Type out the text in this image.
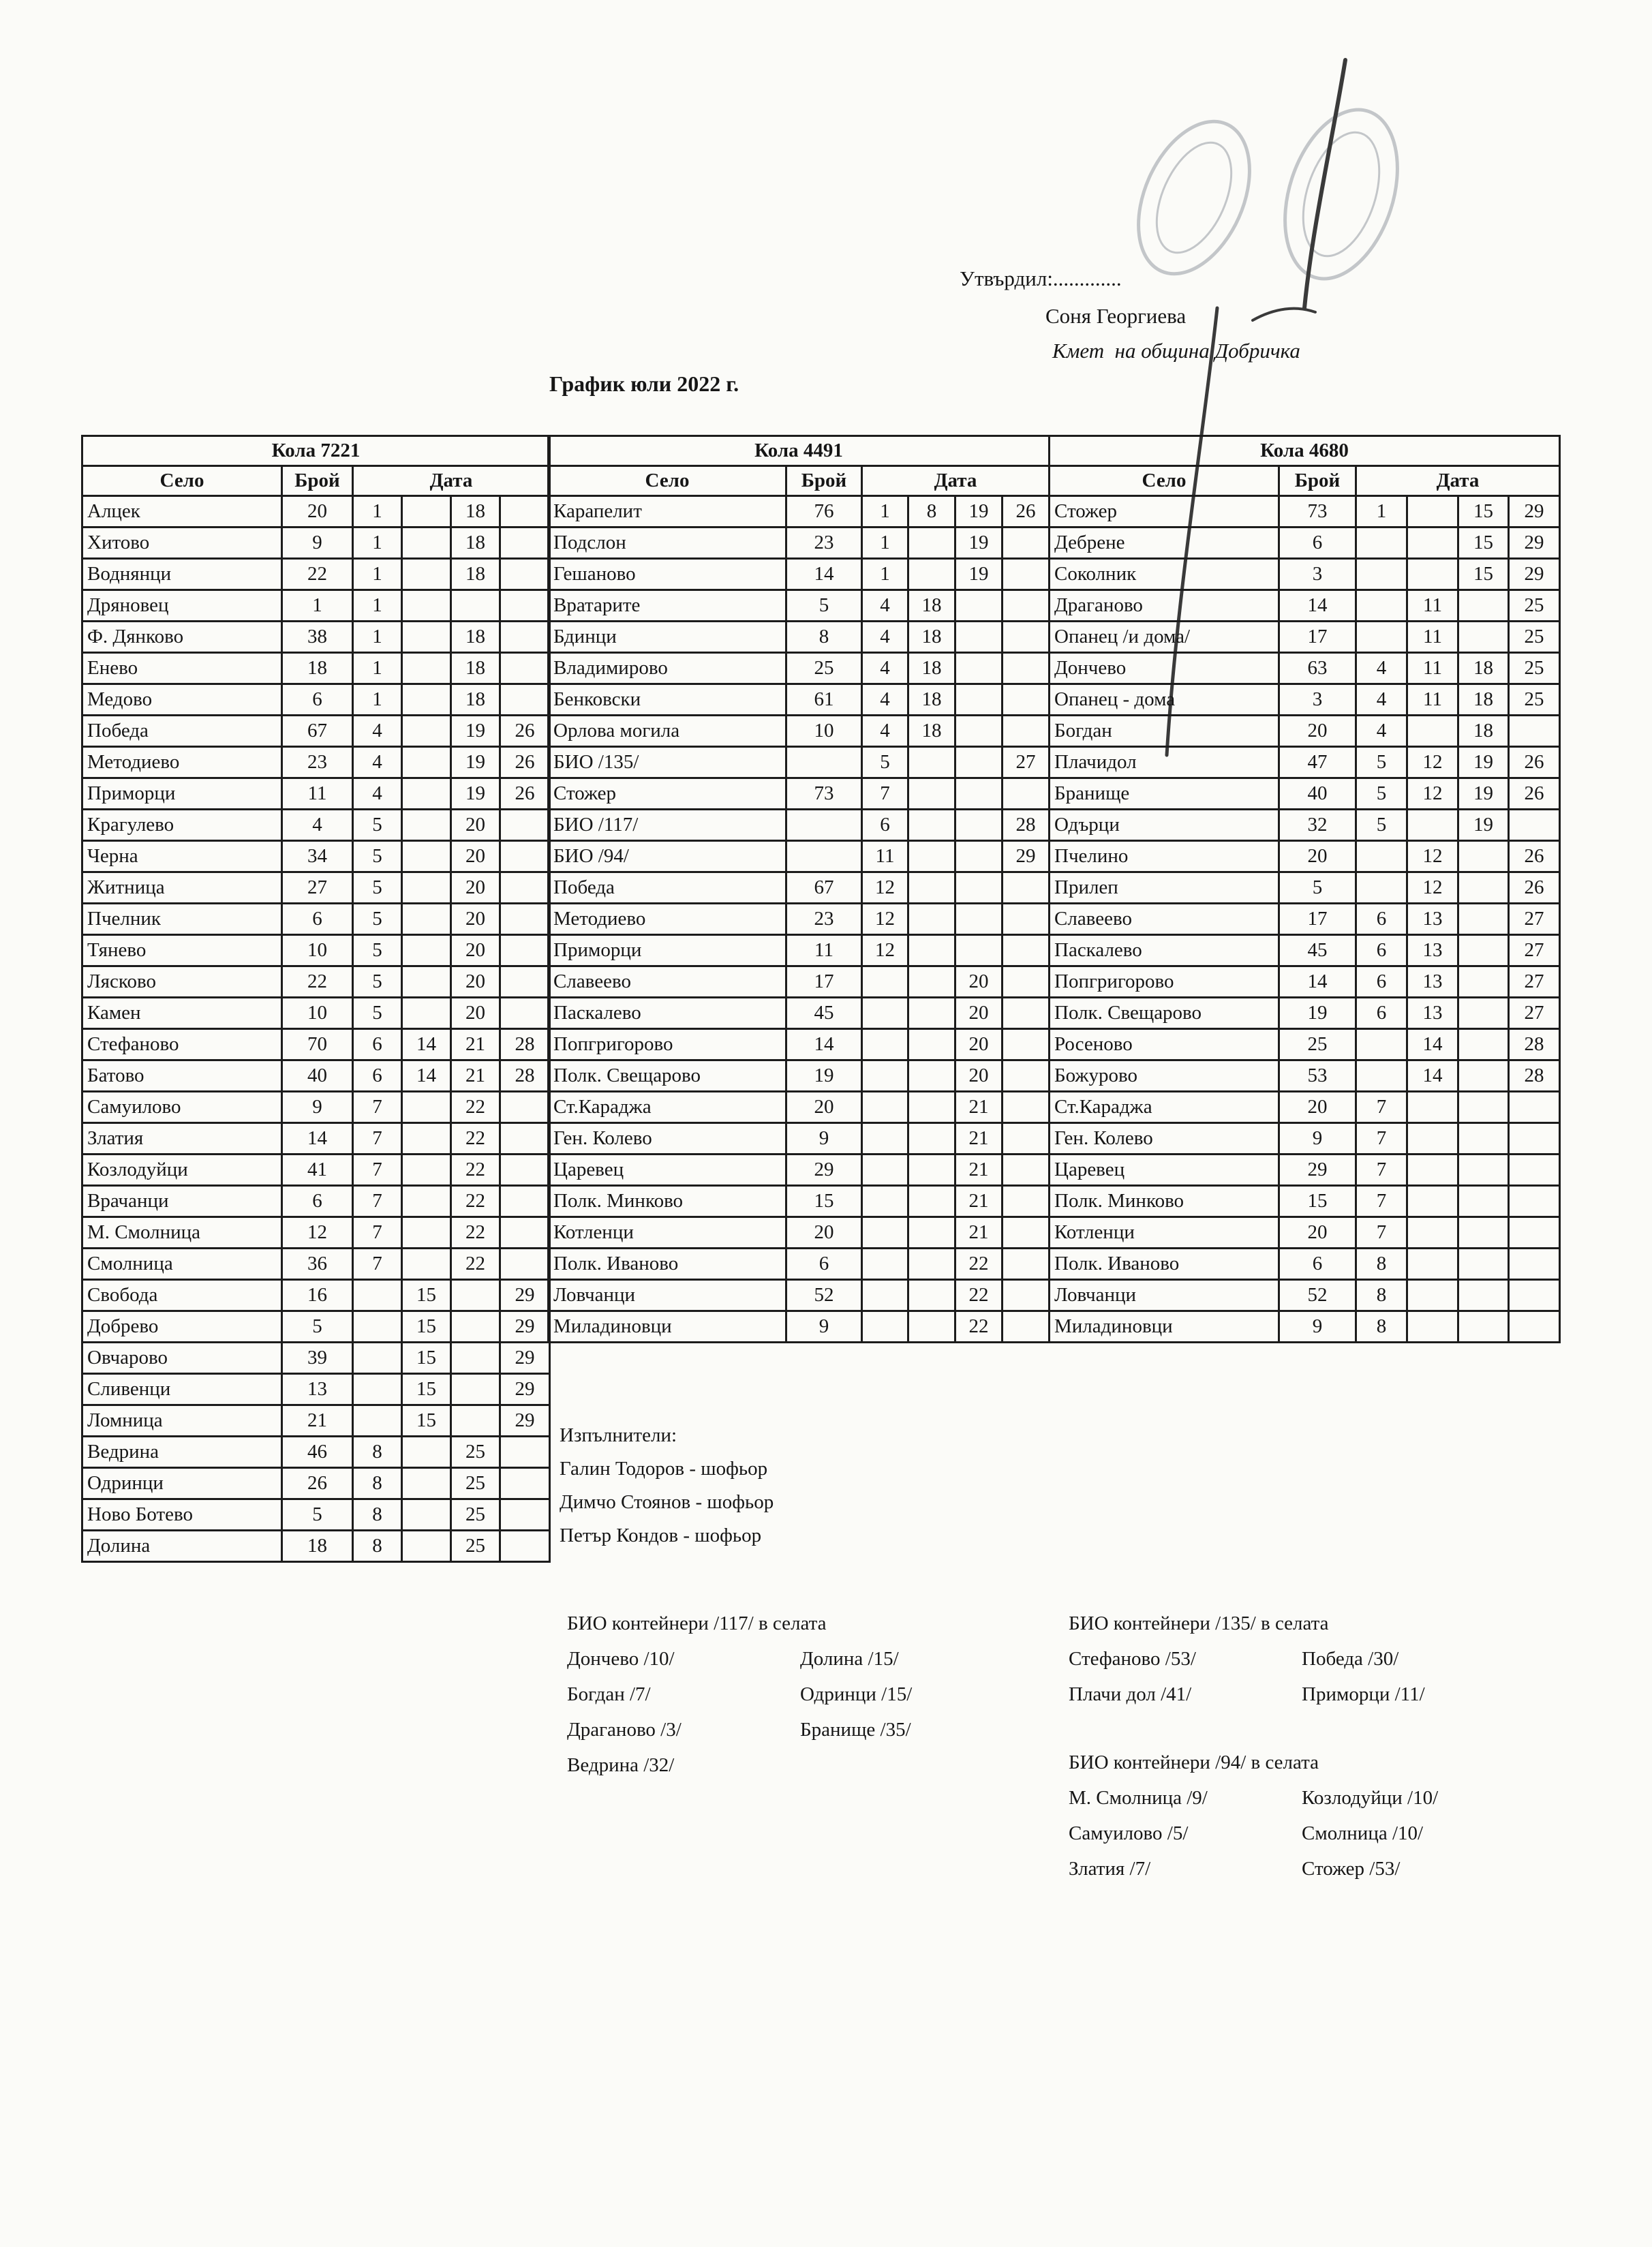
Утвърдил:.............
Соня Георгиева
Кмет  на община Добричка
График юли 2022 г.
Кола 7221					
Село	Брой	Дата			
Алцек	20	1		18	
Хитово	9	1		18	
Воднянци	22	1		18	
Дряновец	1	1			
Ф. Дянково	38	1		18	
Енево	18	1		18	
Медово	6	1		18	
Победа	67	4		19	26
Методиево	23	4		19	26
Приморци	11	4		19	26
Крагулево	4	5		20	
Черна	34	5		20	
Житница	27	5		20	
Пчелник	6	5		20	
Тянево	10	5		20	
Лясково	22	5		20	
Камен	10	5		20	
Стефаново	70	6	14	21	28
Батово	40	6	14	21	28
Самуилово	9	7		22	
Златия	14	7		22	
Козлодуйци	41	7		22	
Врачанци	6	7		22	
М. Смолница	12	7		22	
Смолница	36	7		22	
Свобода	16		15		29
Добрево	5		15		29
Овчарово	39		15		29
Сливенци	13		15		29
Ломница	21		15		29
Ведрина	46	8		25	
Одринци	26	8		25	
Ново Ботево	5	8		25	
Долина	18	8		25	
Кола 4491					
Село	Брой	Дата			
Карапелит	76	1	8	19	26
Подслон	23	1		19	
Гешаново	14	1		19	
Вратарите	5	4	18		
Бдинци	8	4	18		
Владимирово	25	4	18		
Бенковски	61	4	18		
Орлова могила	10	4	18		
БИО /135/		5			27
Стожер	73	7			
БИО /117/		6			28
БИО /94/		11			29
Победа	67	12			
Методиево	23	12			
Приморци	11	12			
Славеево	17			20	
Паскалево	45			20	
Попгригорово	14			20	
Полк. Свещарово	19			20	
Ст.Караджа	20			21	
Ген. Колево	9			21	
Царевец	29			21	
Полк. Минково	15			21	
Котленци	20			21	
Полк. Иваново	6			22	
Ловчанци	52			22	
Миладиновци	9			22	
Кола 4680					
Село	Брой	Дата			
Стожер	73	1		15	29
Дебрене	6			15	29
Соколник	3			15	29
Драганово	14		11		25
Опанец /и дома/	17		11		25
Дончево	63	4	11	18	25
Опанец - дома	3	4	11	18	25
Богдан	20	4		18	
Плачидол	47	5	12	19	26
Бранище	40	5	12	19	26
Одърци	32	5		19	
Пчелино	20		12		26
Прилеп	5		12		26
Славеево	17	6	13		27
Паскалево	45	6	13		27
Попгригорово	14	6	13		27
Полк. Свещарово	19	6	13		27
Росеново	25		14		28
Божурово	53		14		28
Ст.Караджа	20	7			
Ген. Колево	9	7			
Царевец	29	7			
Полк. Минково	15	7			
Котленци	20	7			
Полк. Иваново	6	8			
Ловчанци	52	8			
Миладиновци	9	8			
Изпълнители:
Галин Тодоров - шофьор
Димчо Стоянов - шофьор
Петър Кондов - шофьор
БИО контейнери /117/ в селата
Дончево /10/	Долина /15/
Богдан /7/	Одринци /15/
Драганово /3/	Бранище /35/
Ведрина /32/
БИО контейнери /135/ в селата
Стефаново /53/	Победа /30/
Плачи дол /41/	Приморци /11/
БИО контейнери /94/ в селата
М. Смолница /9/	Козлодуйци /10/
Самуилово /5/	Смолница /10/
Златия /7/	Стожер /53/
